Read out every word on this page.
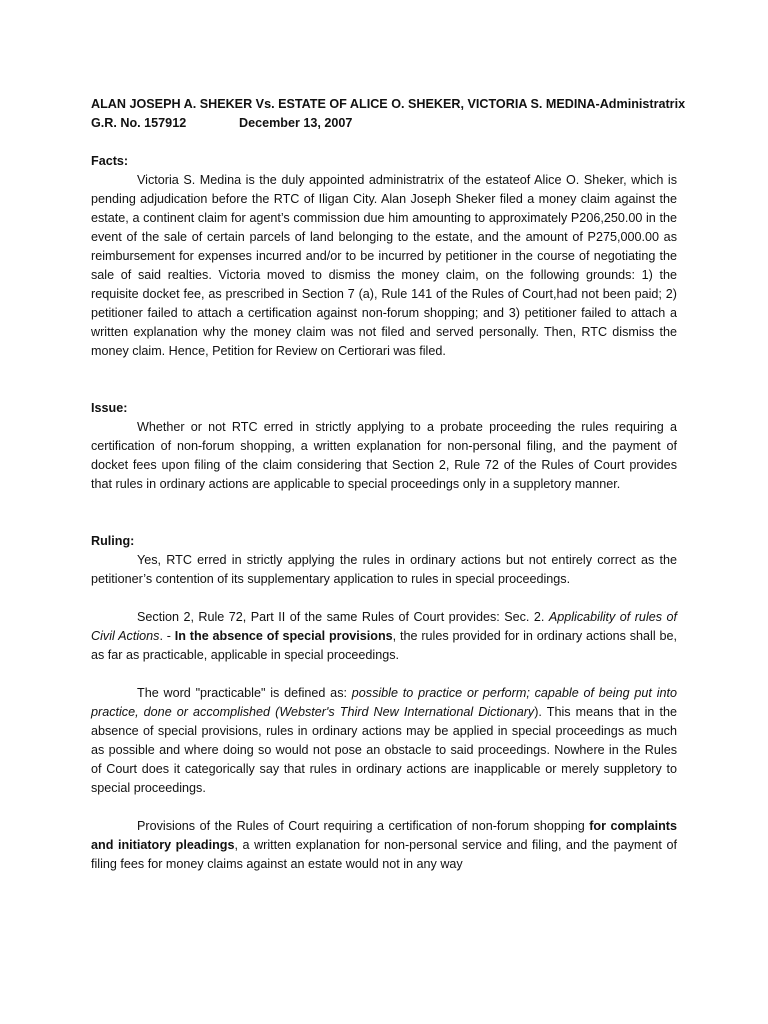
ALAN JOSEPH A. SHEKER Vs. ESTATE OF ALICE O. SHEKER, VICTORIA S. MEDINA-Administratrix
G.R. No. 157912	December 13, 2007
Facts:

Victoria S. Medina is the duly appointed administratrix of the estateof Alice O. Sheker, which is pending adjudication before the RTC of Iligan City. Alan Joseph Sheker filed a money claim against the estate, a continent claim for agent’s commission due him amounting to approximately P206,250.00 in the event of the sale of certain parcels of land belonging to the estate, and the amount of P275,000.00 as reimbursement for expenses incurred and/or to be incurred by petitioner in the course of negotiating the sale of said realties. Victoria moved to dismiss the money claim, on the following grounds: 1) the requisite docket fee, as prescribed in Section 7 (a), Rule 141 of the Rules of Court,had not been paid; 2) petitioner failed to attach a certification against non-forum shopping; and 3) petitioner failed to attach a written explanation why the money claim was not filed and served personally. Then, RTC dismiss the money claim. Hence, Petition for Review on Certiorari was filed.

Issue:

Whether or not RTC erred in strictly applying to a probate proceeding the rules requiring a certification of non-forum shopping, a written explanation for non-personal filing, and the payment of docket fees upon filing of the claim considering that Section 2, Rule 72 of the Rules of Court provides that rules in ordinary actions are applicable to special proceedings only in a suppletory manner.

Ruling:

Yes, RTC erred in strictly applying the rules in ordinary actions but not entirely correct as the petitioner’s contention of its supplementary application to rules in special proceedings.

Section 2, Rule 72, Part II of the same Rules of Court provides: Sec. 2. Applicability of rules of Civil Actions. - In the absence of special provisions, the rules provided for in ordinary actions shall be, as far as practicable, applicable in special proceedings.

The word "practicable" is defined as: possible to practice or perform; capable of being put into practice, done or accomplished (Webster's Third New International Dictionary). This means that in the absence of special provisions, rules in ordinary actions may be applied in special proceedings as much as possible and where doing so would not pose an obstacle to said proceedings. Nowhere in the Rules of Court does it categorically say that rules in ordinary actions are inapplicable or merely suppletory to special proceedings.

Provisions of the Rules of Court requiring a certification of non-forum shopping for complaints and initiatory pleadings, a written explanation for non-personal service and filing, and the payment of filing fees for money claims against an estate would not in any way
